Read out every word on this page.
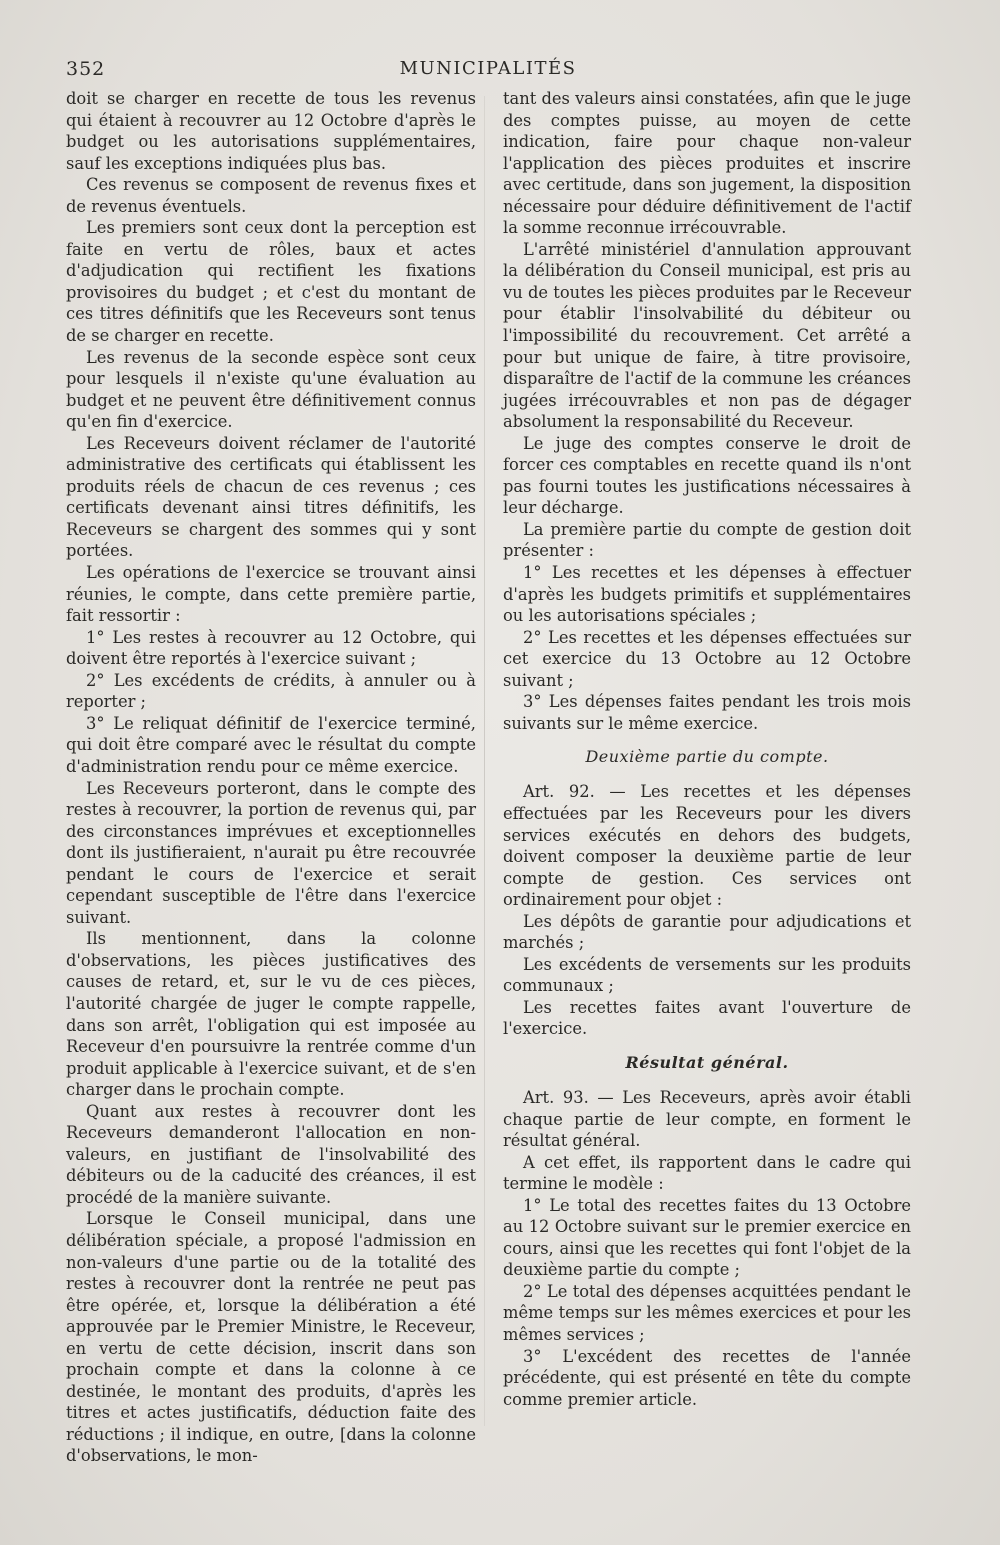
352	MUNICIPALITÉS

doit se charger en recette de tous les revenus qui étaient à recouvrer au 12 Octobre d'après le budget ou les autorisations supplémentaires, sauf les exceptions indiquées plus bas.

Ces revenus se composent de revenus fixes et de revenus éventuels.

Les premiers sont ceux dont la perception est faite en vertu de rôles, baux et actes d'adjudication qui rectifient les fixations provisoires du budget ; et c'est du montant de ces titres définitifs que les Receveurs sont tenus de se charger en recette.

Les revenus de la seconde espèce sont ceux pour lesquels il n'existe qu'une évaluation au budget et ne peuvent être définitivement connus qu'en fin d'exercice.

Les Receveurs doivent réclamer de l'autorité administrative des certificats qui établissent les produits réels de chacun de ces revenus ; ces certificats devenant ainsi titres définitifs, les Receveurs se chargent des sommes qui y sont portées.

Les opérations de l'exercice se trouvant ainsi réunies, le compte, dans cette première partie, fait ressortir :

1° Les restes à recouvrer au 12 Octobre, qui doivent être reportés à l'exercice suivant ;

2° Les excédents de crédits, à annuler ou à reporter ;

3° Le reliquat définitif de l'exercice terminé, qui doit être comparé avec le résultat du compte d'administration rendu pour ce même exercice.

Les Receveurs porteront, dans le compte des restes à recouvrer, la portion de revenus qui, par des circonstances imprévues et exceptionnelles dont ils justifieraient, n'aurait pu être recouvrée pendant le cours de l'exercice et serait cependant susceptible de l'être dans l'exercice suivant.

Ils mentionnent, dans la colonne d'observations, les pièces justificatives des causes de retard, et, sur le vu de ces pièces, l'autorité chargée de juger le compte rappelle, dans son arrêt, l'obligation qui est imposée au Receveur d'en poursuivre la rentrée comme d'un produit applicable à l'exercice suivant, et de s'en charger dans le prochain compte.

Quant aux restes à recouvrer dont les Receveurs demanderont l'allocation en non-valeurs, en justifiant de l'insolvabilité des débiteurs ou de la caducité des créances, il est procédé de la manière suivante.

Lorsque le Conseil municipal, dans une délibération spéciale, a proposé l'admission en non-valeurs d'une partie ou de la totalité des restes à recouvrer dont la rentrée ne peut pas être opérée, et, lorsque la délibération a été approuvée par le Premier Ministre, le Receveur, en vertu de cette décision, inscrit dans son prochain compte et dans la colonne à ce destinée, le montant des produits, d'après les titres et actes justificatifs, déduction faite des réductions ; il indique, en outre, [dans la colonne d'observations, le mon-

tant des valeurs ainsi constatées, afin que le juge des comptes puisse, au moyen de cette indication, faire pour chaque non-valeur l'application des pièces produites et inscrire avec certitude, dans son jugement, la disposition nécessaire pour déduire définitivement de l'actif la somme reconnue irrécouvrable.

L'arrêté ministériel d'annulation approuvant la délibération du Conseil municipal, est pris au vu de toutes les pièces produites par le Receveur pour établir l'insolvabilité du débiteur ou l'impossibilité du recouvrement. Cet arrêté a pour but unique de faire, à titre provisoire, disparaître de l'actif de la commune les créances jugées irrécouvrables et non pas de dégager absolument la responsabilité du Receveur.

Le juge des comptes conserve le droit de forcer ces comptables en recette quand ils n'ont pas fourni toutes les justifications nécessaires à leur décharge.

La première partie du compte de gestion doit présenter :

1° Les recettes et les dépenses à effectuer d'après les budgets primitifs et supplémentaires ou les autorisations spéciales ;

2° Les recettes et les dépenses effectuées sur cet exercice du 13 Octobre au 12 Octobre suivant ;

3° Les dépenses faites pendant les trois mois suivants sur le même exercice.

Deuxième partie du compte.

Art. 92. — Les recettes et les dépenses effectuées par les Receveurs pour les divers services exécutés en dehors des budgets, doivent composer la deuxième partie de leur compte de gestion. Ces services ont ordinairement pour objet :

Les dépôts de garantie pour adjudications et marchés ;

Les excédents de versements sur les produits communaux ;

Les recettes faites avant l'ouverture de l'exercice.

Résultat général.

Art. 93. — Les Receveurs, après avoir établi chaque partie de leur compte, en forment le résultat général.

A cet effet, ils rapportent dans le cadre qui termine le modèle :

1° Le total des recettes faites du 13 Octobre au 12 Octobre suivant sur le premier exercice en cours, ainsi que les recettes qui font l'objet de la deuxième partie du compte ;

2° Le total des dépenses acquittées pendant le même temps sur les mêmes exercices et pour les mêmes services ;

3° L'excédent des recettes de l'année précédente, qui est présenté en tête du compte comme premier article.
